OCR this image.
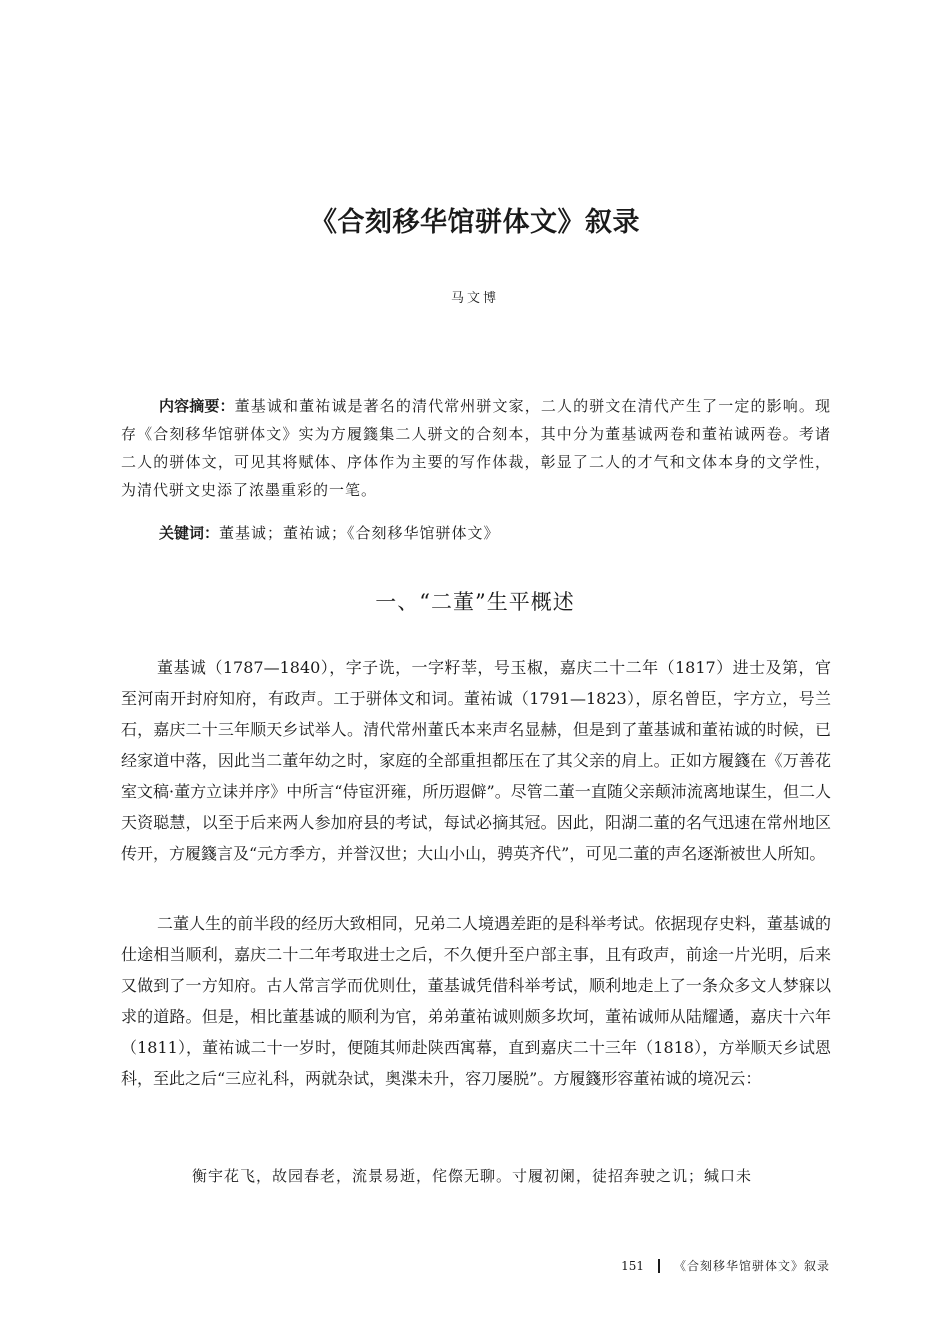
《合刻移华馆骈体文》叙录
马文博

内容摘要：董基诚和董祐诚是著名的清代常州骈文家，二人的骈文在清代产生了一定的影响。现存《合刻移华馆骈体文》实为方履籛集二人骈文的合刻本，其中分为董基诚两卷和董祐诚两卷。考诸二人的骈体文，可见其将赋体、序体作为主要的写作体裁，彰显了二人的才气和文体本身的文学性，为清代骈文史添了浓墨重彩的一笔。

关键词：董基诚；董祐诚；《合刻移华馆骈体文》

一、“二董”生平概述

董基诚（1787—1840），字子诜，一字籽莘，号玉椒，嘉庆二十二年（1817）进士及第，官至河南开封府知府，有政声。工于骈体文和词。董祐诚（1791—1823），原名曾臣，字方立，号兰石，嘉庆二十三年顺天乡试举人。清代常州董氏本来声名显赫，但是到了董基诚和董祐诚的时候，已经家道中落，因此当二董年幼之时，家庭的全部重担都压在了其父亲的肩上。正如方履籛在《万善花室文稿·董方立诔并序》中所言“侍宦汧雍，所历遐僻”。尽管二董一直随父亲颠沛流离地谋生，但二人天资聪慧，以至于后来两人参加府县的考试，每试必摘其冠。因此，阳湖二董的名气迅速在常州地区传开，方履籛言及“元方季方，并誉汉世；大山小山，骋英齐代”，可见二董的声名逐渐被世人所知。

二董人生的前半段的经历大致相同，兄弟二人境遇差距的是科举考试。依据现存史料，董基诚的仕途相当顺利，嘉庆二十二年考取进士之后，不久便升至户部主事，且有政声，前途一片光明，后来又做到了一方知府。古人常言学而优则仕，董基诚凭借科举考试，顺利地走上了一条众多文人梦寐以求的道路。但是，相比董基诚的顺利为官，弟弟董祐诚则颇多坎坷，董祐诚师从陆耀遹，嘉庆十六年（1811），董祐诚二十一岁时，便随其师赴陕西寓幕，直到嘉庆二十三年（1818），方举顺天乡试恩科，至此之后“三应礼科，两就杂试，奥渫未升，容刀屡脱”。方履籛形容董祐诚的境况云：

衡宇花飞，故园春老，流景易逝，侘傺无聊。寸履初阑，徒招奔驶之讥；缄口未

151	《合刻移华馆骈体文》叙录
